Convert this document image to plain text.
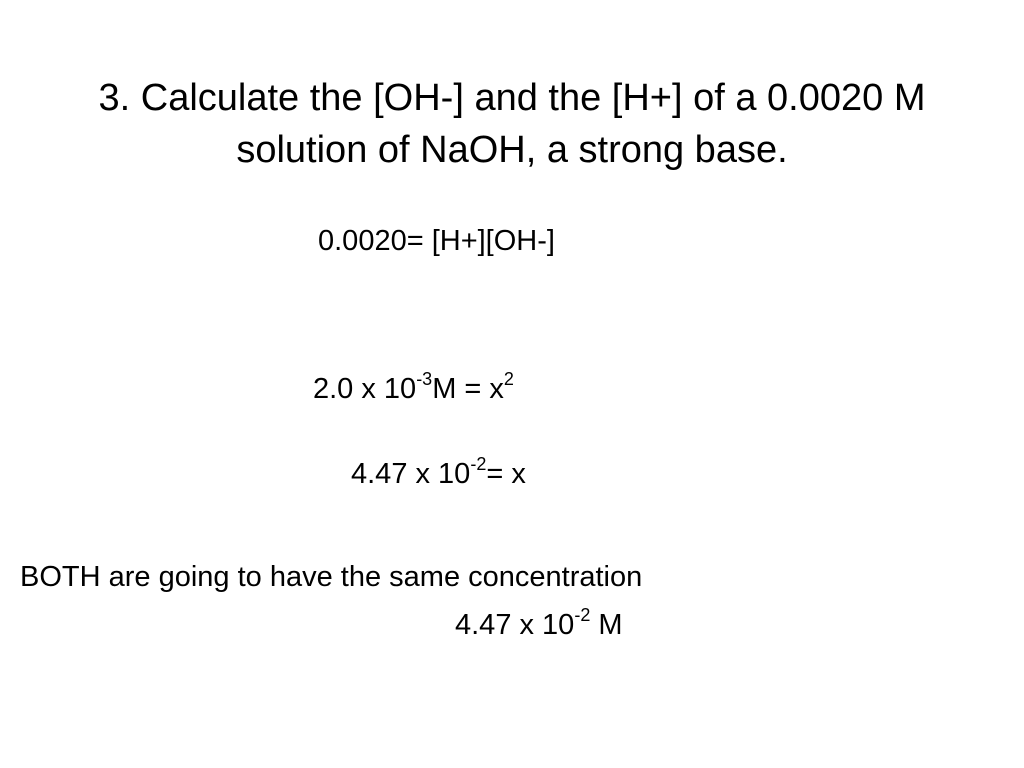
3. Calculate the [OH-] and the [H+] of a 0.0020 M
solution of NaOH, a strong base.
0.0020= [H+][OH-]
2.0 x $10^{-3}M = x^2$
4.47 x $10^{-2}= x$
BOTH are going to have the same concentration
4.47 x $10^{-2}$ M
